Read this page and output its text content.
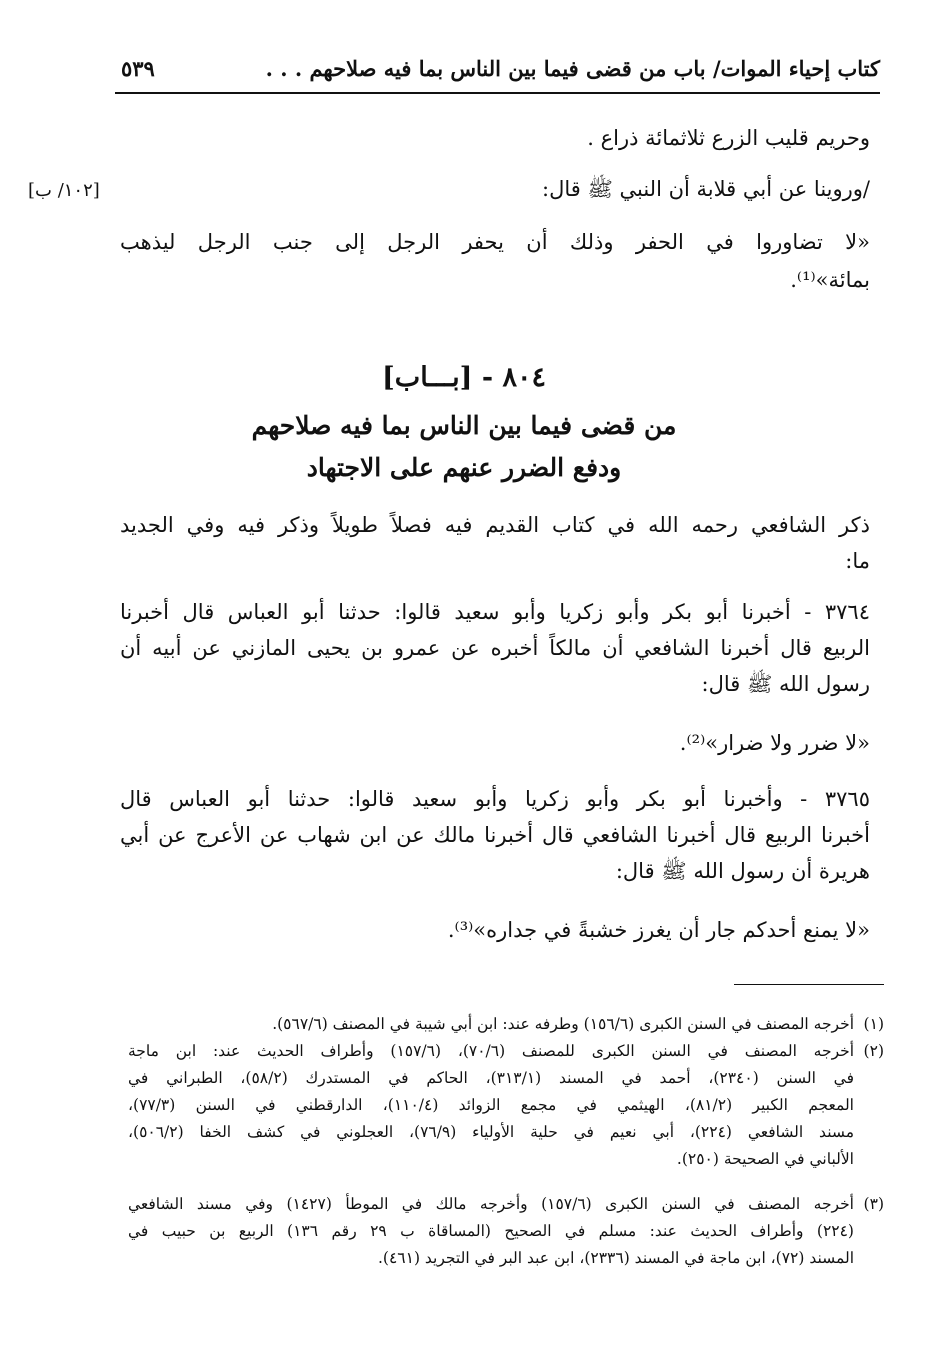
كتاب إحياء الموات/ باب من قضى فيما بين الناس بما فيه صلاحهم . . .
٥٣٩
[١٠٢/ ب]
وحريم قليب الزرع ثلاثمائة ذراع .
/وروينا عن أبي قلابة أن النبي ﷺ قال:
«لا تضاوروا في الحفر وذلك أن يحفر الرجل إلى جنب الرجل ليذهب
بمائة»⁽¹⁾.
٨٠٤ - [بـــاب]
من قضى فيما بين الناس بما فيه صلاحهم
ودفع الضرر عنهم على الاجتهاد
ذكر الشافعي رحمه الله في كتاب القديم فيه فصلاً طويلاً وذكر فيه وفي الجديد
ما:
٣٧٦٤ - أخبرنا أبو بكر وأبو زكريا وأبو سعيد قالوا: حدثنا أبو العباس قال أخبرنا
الربيع قال أخبرنا الشافعي أن مالكاً أخبره عن عمرو بن يحيى المازني عن أبيه أن
رسول الله ﷺ قال:
«لا ضرر ولا ضرار»⁽²⁾.
٣٧٦٥ - وأخبرنا أبو بكر وأبو زكريا وأبو سعيد قالوا: حدثنا أبو العباس قال
أخبرنا الربيع قال أخبرنا الشافعي قال أخبرنا مالك عن ابن شهاب عن الأعرج عن أبي
هريرة أن رسول الله ﷺ قال:
«لا يمنع أحدكم جار أن يغرز خشبةً في جداره»⁽³⁾.
(١)
أخرجه المصنف في السنن الكبرى (١٥٦/٦) وطرفه عند: ابن أبي شيبة في المصنف (٥٦٧/٦).
(٢)
أخرجه المصنف في السنن الكبرى للمصنف (٧٠/٦)، (١٥٧/٦) وأطراف الحديث عند: ابن ماجة
في السنن (٢٣٤٠)، أحمد في المسند (٣١٣/١)، الحاكم في المستدرك (٥٨/٢)، الطبراني في
المعجم الكبير (٨١/٢)، الهيثمي في مجمع الزوائد (١١٠/٤)، الدارقطني في السنن (٧٧/٣)،
مسند الشافعي (٢٢٤)، أبي نعيم في حلية الأولياء (٧٦/٩)، العجلوني في كشف الخفا (٥٠٦/٢)،
الألباني في الصحيحة (٢٥٠).
(٣)
أخرجه المصنف في السنن الكبرى (١٥٧/٦) وأخرجه مالك في الموطأ (١٤٢٧) وفي مسند الشافعي
(٢٢٤) وأطراف الحديث عند: مسلم في الصحيح (المساقاة ب ٢٩ رقم ١٣٦) الربيع بن حبيب في
المسند (٧٢)، ابن ماجة في المسند (٢٣٣٦)، ابن عبد البر في التجريد (٤٦١).
